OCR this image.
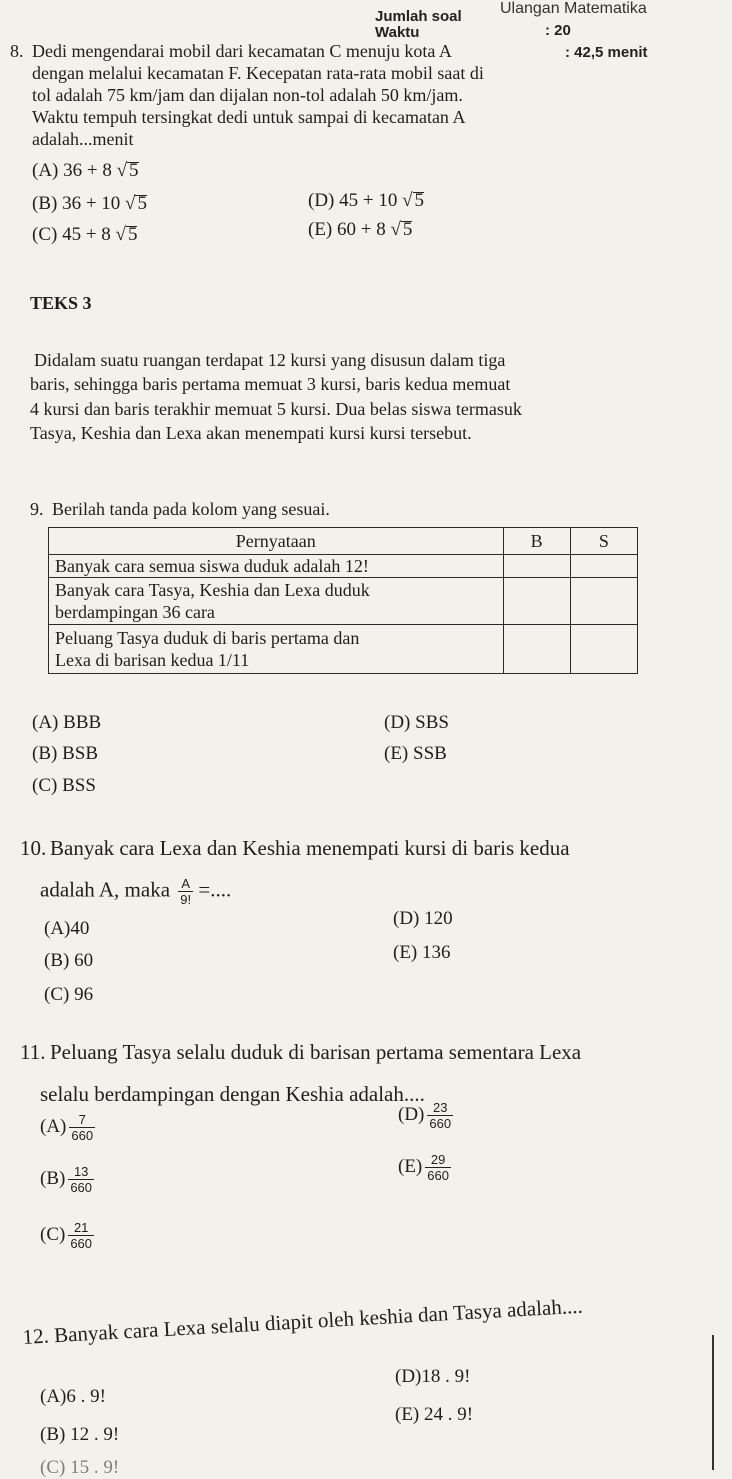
Ulangan Matematika
Jumlah soal
Waktu	: 20
: 42,5 menit
8. Dedi mengendarai mobil dari kecamatan C menuju kota A
dengan melalui kecamatan F. Kecepatan rata-rata mobil saat di
tol adalah 75 km/jam dan dijalan non-tol adalah 50 km/jam.
Waktu tempuh tersingkat dedi untuk sampai di kecamatan A
adalah...menit
(A) 36 + 8 √ 5
(B) 36 + 10 √ 5
(C) 45 + 8 √ 5
(D) 45 + 10 √ 5
(E) 60 + 8 √ 5
TEKS 3
Didalam suatu ruangan terdapat 12 kursi yang disusun dalam tiga
baris, sehingga baris pertama memuat 3 kursi, baris kedua memuat
4 kursi dan baris terakhir memuat 5 kursi. Dua belas siswa termasuk
Tasya, Keshia dan Lexa akan menempati kursi kursi tersebut.
9. Berilah tanda pada kolom yang sesuai.
Pernyataan	B	S
Banyak cara semua siswa duduk adalah 12!		
Banyak cara Tasya, Keshia dan Lexa duduk
berdampingan 36 cara		
Peluang Tasya duduk di baris pertama dan
Lexa di barisan kedua 1/11		
(A) BBB
(B) BSB
(C) BSS
(D) SBS
(E) SSB
10. Banyak cara Lexa dan Keshia menempati kursi di baris kedua
adalah A, maka $\frac{A}{9!}$ =....
(A)40
(B) 60
(C) 96
(D) 120
(E) 136
11. Peluang Tasya selalu duduk di barisan pertama sementara Lexa
selalu berdampingan dengan Keshia adalah....
$(A) \frac{7}{660}$
$(B) \frac{13}{660}$
$(C) \frac{21}{660}$
$(D) \frac{23}{660}$
$(E) \frac{29}{660}$
12. Banyak cara Lexa selalu diapit oleh keshia dan Tasya adalah....
(A)6 . 9!
(B) 12 . 9!
(C) 15 . 9!
(D)18 . 9!
(E) 24 . 9!
